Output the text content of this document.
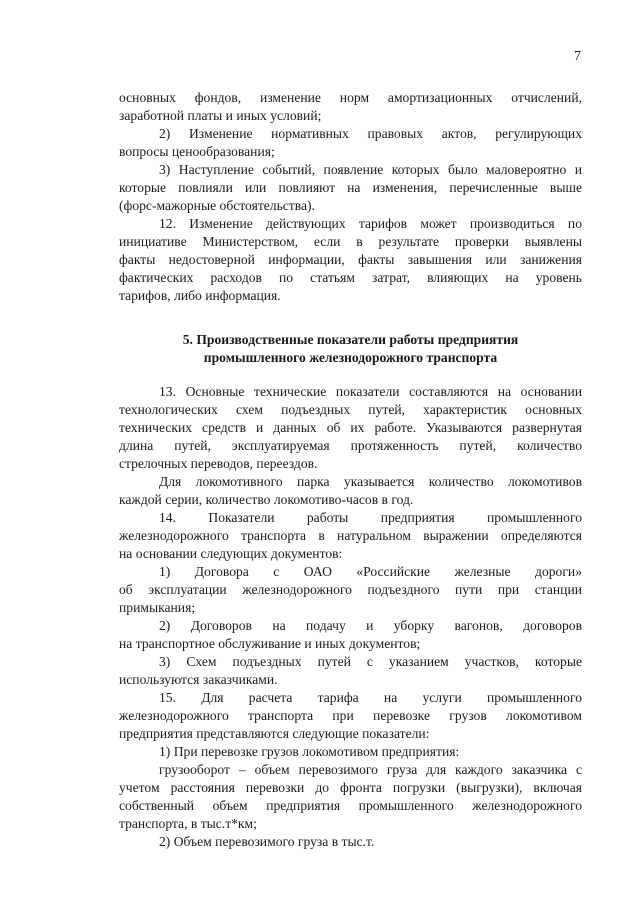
7
основных фондов, изменение норм амортизационных отчислений,
заработной платы и иных условий;
2) Изменение нормативных правовых актов, регулирующих
вопросы ценообразования;
3) Наступление событий, появление которых было маловероятно и
которые повлияли или повлияют на изменения, перечисленные выше
(форс-мажорные обстоятельства).
12. Изменение действующих тарифов может производиться по
инициативе Министерством, если в результате проверки выявлены
факты недостоверной информации, факты завышения или занижения
фактических расходов по статьям затрат, влияющих на уровень
тарифов, либо информация.
5. Производственные показатели работы предприятия
промышленного железнодорожного транспорта
13. Основные технические показатели составляются на основании
технологических схем подъездных путей, характеристик основных
технических средств и данных об их работе. Указываются развернутая
длина путей, эксплуатируемая протяженность путей, количество
стрелочных переводов, переездов.
Для локомотивного парка указывается количество локомотивов
каждой серии, количество локомотиво-часов в год.
14. Показатели работы предприятия промышленного
железнодорожного транспорта в натуральном выражении определяются
на основании следующих документов:
1) Договора с ОАО «Российские железные дороги»
об эксплуатации железнодорожного подъездного пути при станции
примыкания;
2) Договоров на подачу и уборку вагонов, договоров
на транспортное обслуживание и иных документов;
3) Схем подъездных путей с указанием участков, которые
используются заказчиками.
15. Для расчета тарифа на услуги промышленного
железнодорожного транспорта при перевозке грузов локомотивом
предприятия представляются следующие показатели:
1) При перевозке грузов локомотивом предприятия:
грузооборот – объем перевозимого груза для каждого заказчика с
учетом расстояния перевозки до фронта погрузки (выгрузки), включая
собственный объем предприятия промышленного железнодорожного
транспорта, в тыс.т*км;
2) Объем перевозимого груза в тыс.т.
